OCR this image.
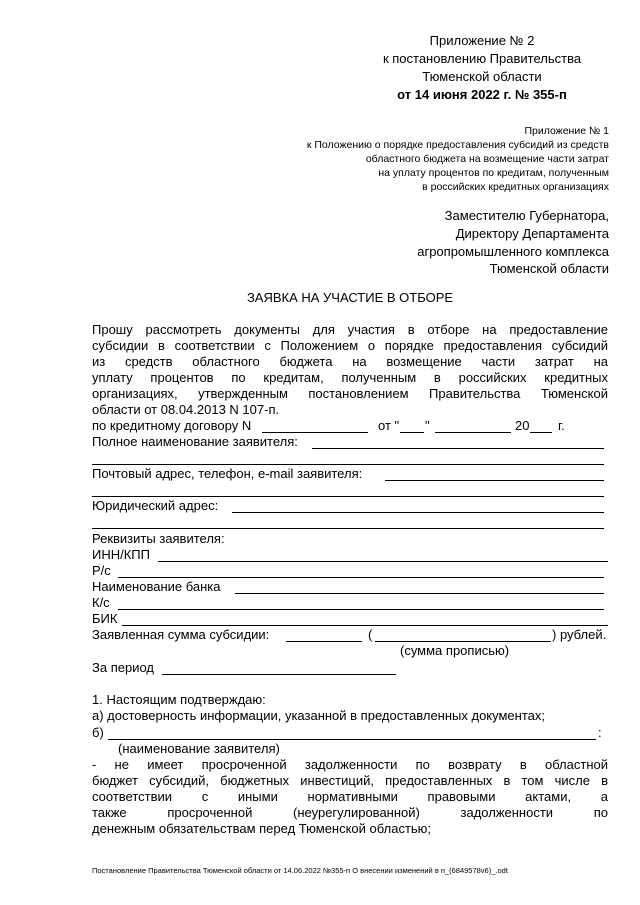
Приложение № 2
к постановлению Правительства
Тюменской области
от 14 июня 2022 г. № 355-п
Приложение № 1
к Положению о порядке предоставления субсидий из средств
областного бюджета на возмещение части затрат
на уплату процентов по кредитам, полученным
в российских кредитных организациях
Заместителю Губернатора,
Директору Департамента
агропромышленного комплекса
Тюменской области
ЗАЯВКА НА УЧАСТИЕ В ОТБОРЕ
Прошу рассмотреть документы для участия в отборе на предоставление
субсидии в соответствии с Положением о порядке предоставления субсидий
из средств областного бюджета на возмещение части затрат на
уплату процентов по кредитам, полученным в российских кредитных
организациях, утвержденным постановлением Правительства Тюменской
области от 08.04.2013 N 107-п.
по кредитному договору N	от " "	20 г.
Полное наименование заявителя:
Почтовый адрес, телефон, e-mail заявителя:
Юридический адрес:
Реквизиты заявителя:
ИНН/КПП
Р/с
Наименование банка
К/с
БИК
Заявленная сумма субсидии:	(	) рублей.
(сумма прописью)
За период
1. Настоящим подтверждаю:
а) достоверность информации, указанной в предоставленных документах;
б)	:
(наименование заявителя)
- не имеет просроченной задолженности по возврату в областной
бюджет субсидий, бюджетных инвестиций, предоставленных в том числе в
соответствии с иными нормативными правовыми актами, а
также просроченной (неурегулированной) задолженности по
денежным обязательствам перед Тюменской областью;
Постановление Правительства Тюменской области от 14.06.2022 №355-п О внесении изменений в п_(6849578v6)_.odt
